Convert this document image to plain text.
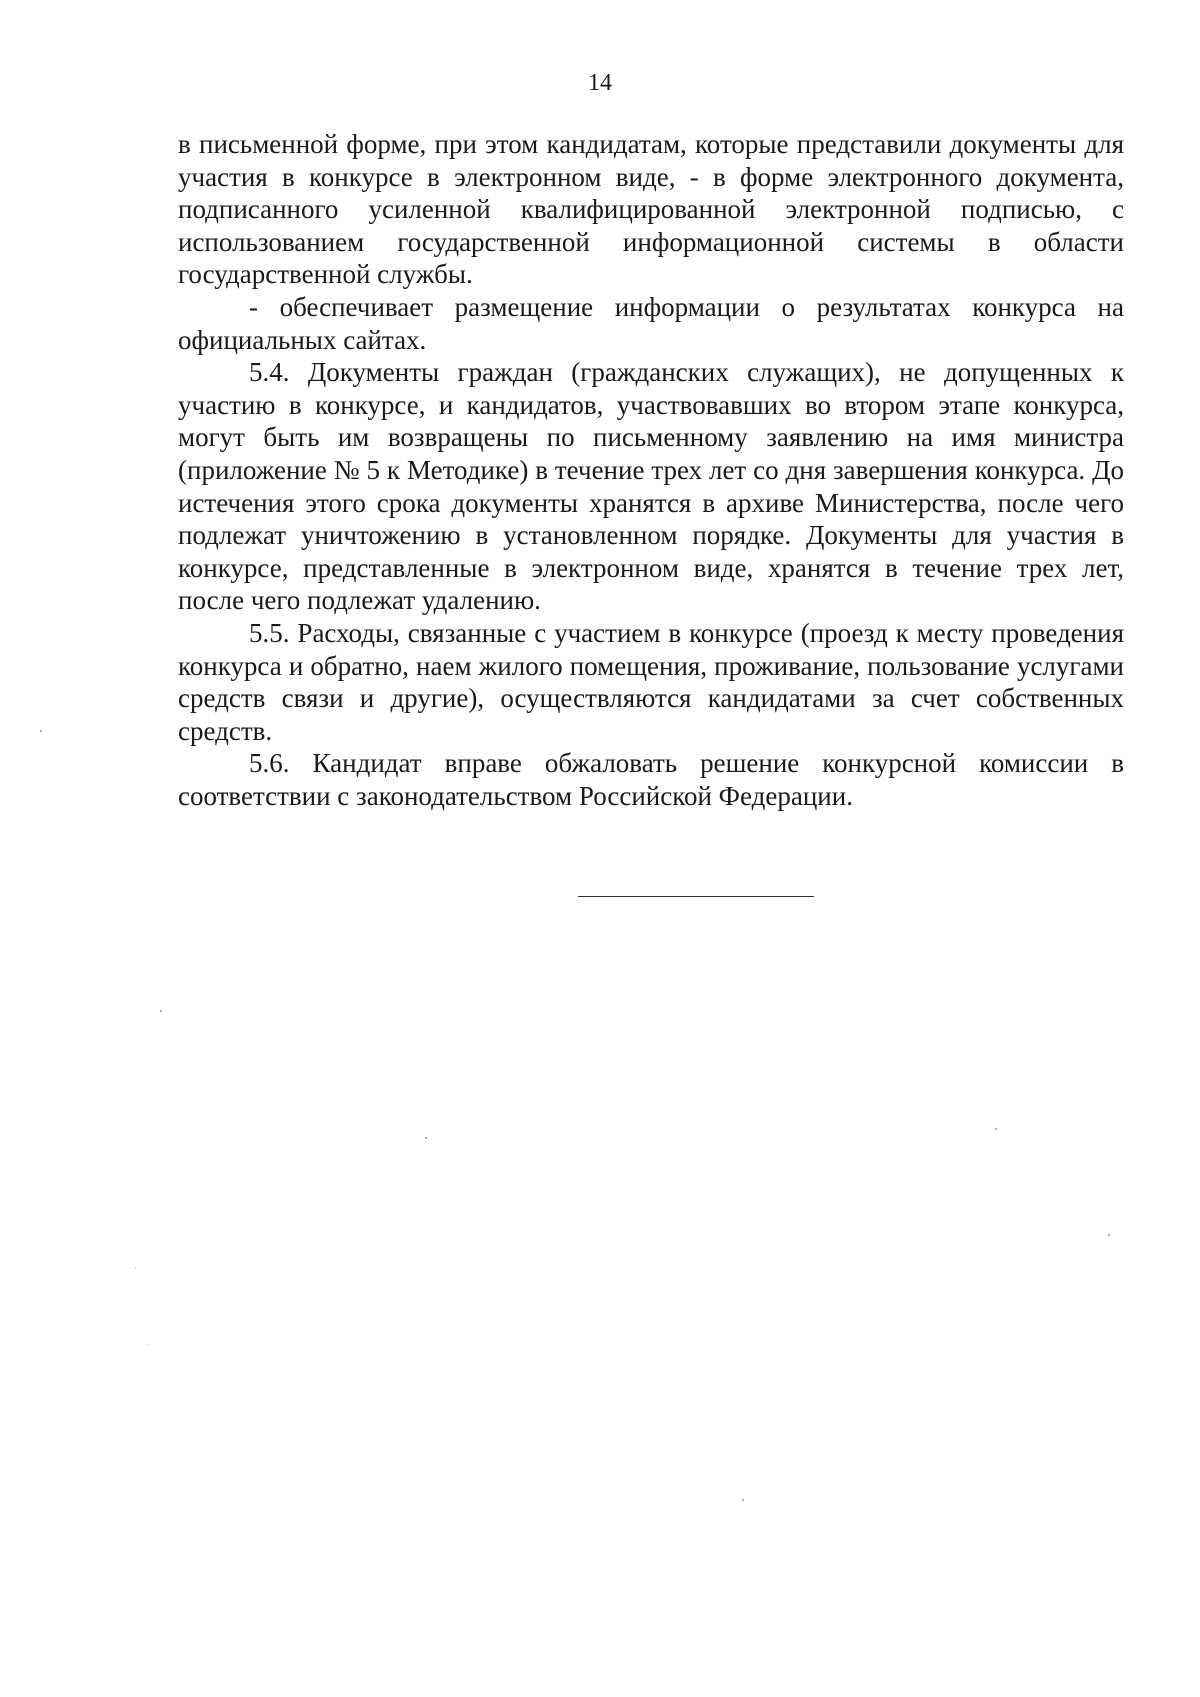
14

в письменной форме, при этом кандидатам, которые представили документы для участия в конкурсе в электронном виде, - в форме электронного документа, подписанного усиленной квалифицированной электронной подписью, с использованием государственной информационной системы в области государственной службы.

- обеспечивает размещение информации о результатах конкурса на официальных сайтах.

5.4. Документы граждан (гражданских служащих), не допущенных к участию в конкурсе, и кандидатов, участвовавших во втором этапе конкурса, могут быть им возвращены по письменному заявлению на имя министра (приложение № 5 к Методике) в течение трех лет со дня завершения конкурса. До истечения этого срока документы хранятся в архиве Министерства, после чего подлежат уничтожению в установленном порядке. Документы для участия в конкурсе, представленные в электронном виде, хранятся в течение трех лет, после чего подлежат удалению.

5.5. Расходы, связанные с участием в конкурсе (проезд к месту проведения конкурса и обратно, наем жилого помещения, проживание, пользование услугами средств связи и другие), осуществляются кандидатами за счет собственных средств.

5.6. Кандидат вправе обжаловать решение конкурсной комиссии в соответствии с законодательством Российской Федерации.
